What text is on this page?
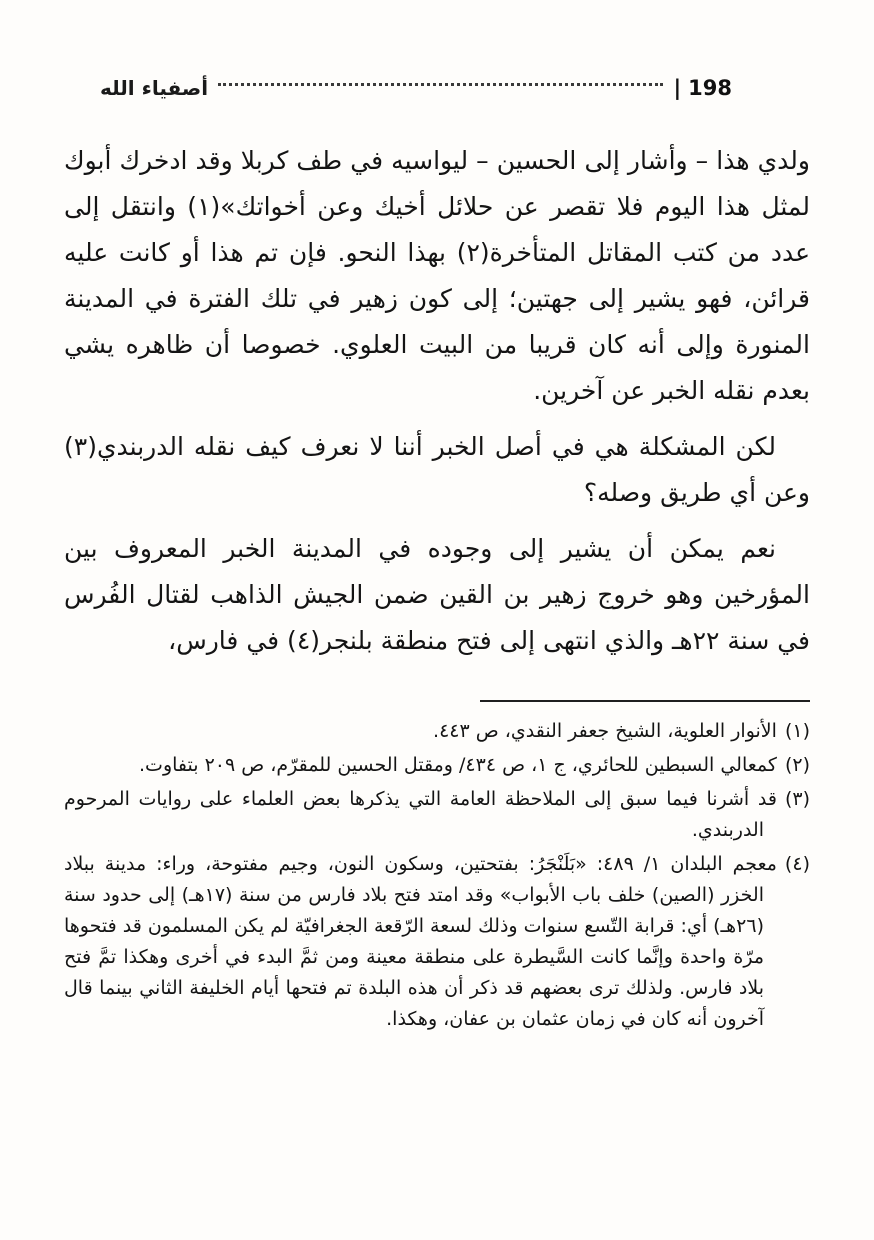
أصفياء الله	| 198

ولدي هذا – وأشار إلى الحسين – ليواسيه في طف كربلا وقد ادخرك أبوك لمثل هذا اليوم فلا تقصر عن حلائل أخيك وعن أخواتك»(١) وانتقل إلى عدد من كتب المقاتل المتأخرة(٢) بهذا النحو. فإن تم هذا أو كانت عليه قرائن، فهو يشير إلى جهتين؛ إلى كون زهير في تلك الفترة في المدينة المنورة وإلى أنه كان قريبا من البيت العلوي. خصوصا أن ظاهره يشي بعدم نقله الخبر عن آخرين.

لكن المشكلة هي في أصل الخبر أننا لا نعرف كيف نقله الدربندي(٣) وعن أي طريق وصله؟

نعم يمكن أن يشير إلى وجوده في المدينة الخبر المعروف بين المؤرخين وهو خروج زهير بن القين ضمن الجيش الذاهب لقتال الفُرس في سنة ٢٢هـ والذي انتهى إلى فتح منطقة بلنجر(٤) في فارس،

(١)الأنوار العلوية، الشيخ جعفر النقدي، ص ٤٤٣.
(٢)كمعالي السبطين للحائري، ج ١، ص ٤٣٤/ ومقتل الحسين للمقرّم، ص ٢٠٩ بتفاوت.
(٣)قد أشرنا فيما سبق إلى الملاحظة العامة التي يذكرها بعض العلماء على روايات المرحوم الدربندي.
(٤)معجم البلدان ١/ ٤٨٩: «بَلَنْجَرُ: بفتحتين، وسكون النون، وجيم مفتوحة، وراء: مدينة ببلاد الخزر (الصين) خلف باب الأبواب» وقد امتد فتح بلاد فارس من سنة (١٧هـ) إلى حدود سنة (٢٦هـ) أي: قرابة التّسع سنوات وذلك لسعة الرّقعة الجغرافيّة لم يكن المسلمون قد فتحوها مرّة واحدة وإنَّما كانت السَّيطرة على منطقة معينة ومن ثمَّ البدء في أخرى وهكذا تمَّ فتح بلاد فارس. ولذلك ترى بعضهم قد ذكر أن هذه البلدة تم فتحها أيام الخليفة الثاني بينما قال آخرون أنه كان في زمان عثمان بن عفان، وهكذا.
